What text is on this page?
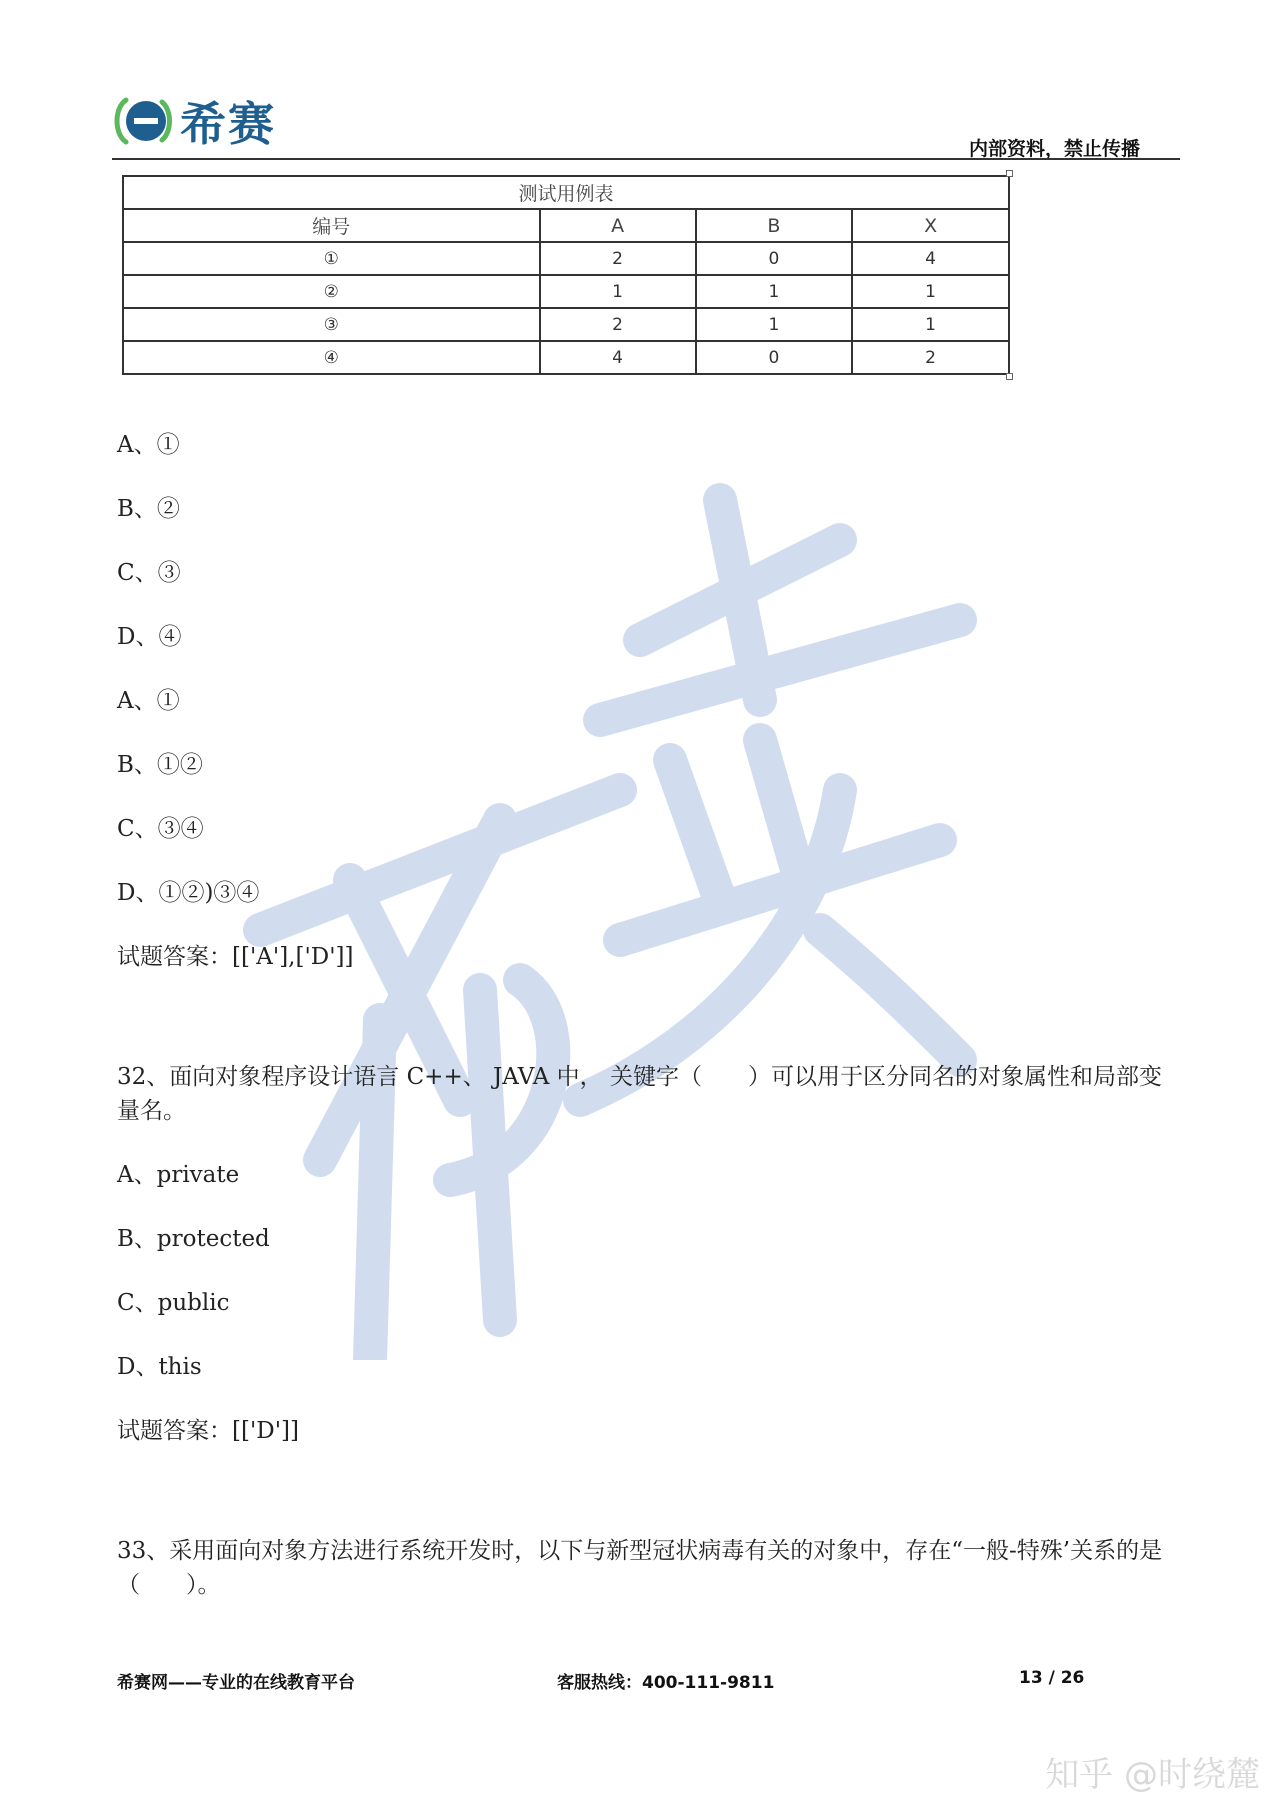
希赛	内部资料，禁止传播
测试用例表			
编号	A	B	X
①	2	0	4
②	1	1	1
③	2	1	1
④	4	0	2
A、①
B、②
C、③
D、④
A、①
B、①②
C、③④
D、①②)③④
试题答案：[['A'],['D']]
32、面向对象程序设计语言 C++、 JAVA 中， 关键字（　　）可以用于区分同名的对象属性和局部变量名。
A、private
B、protected
C、public
D、this
试题答案：[['D']]
33、采用面向对象方法进行系统开发时，以下与新型冠状病毒有关的对象中，存在“一般-特殊’关系的是（　　）。
希赛网——专业的在线教育平台	客服热线：400-111-9811	13 / 26
知乎 @时绕麓
